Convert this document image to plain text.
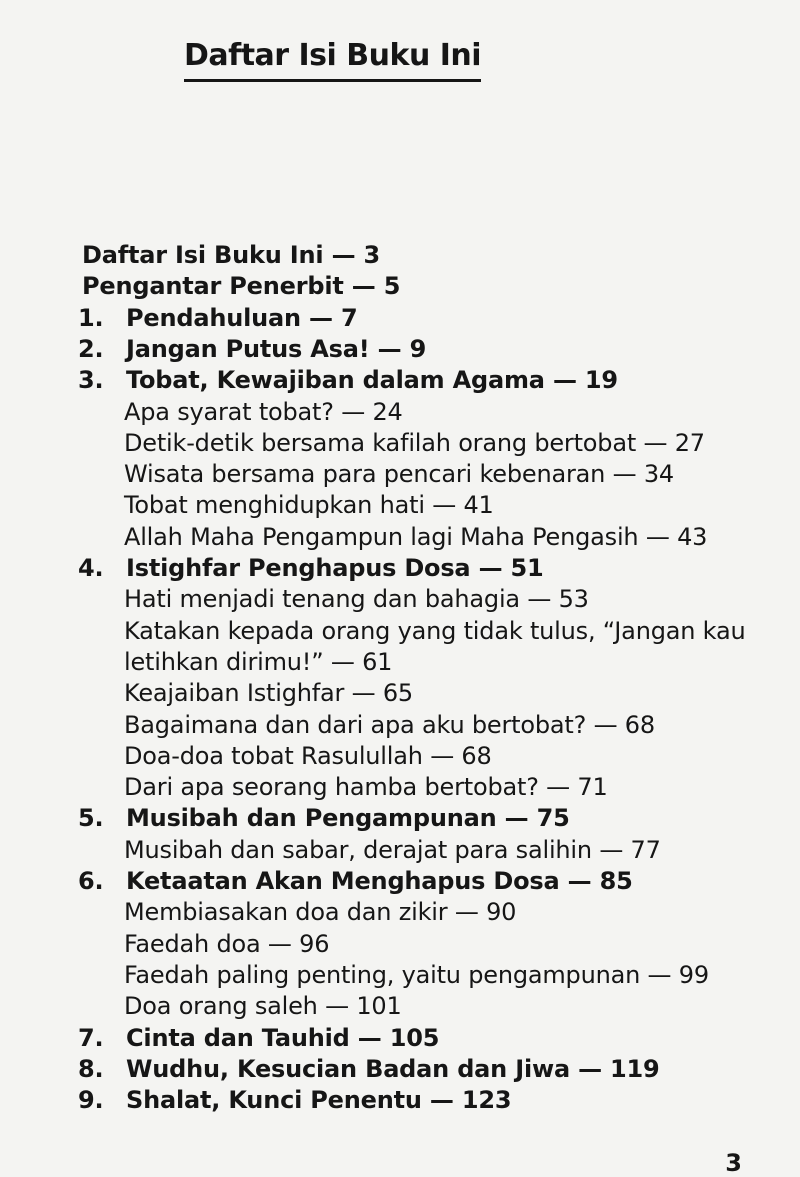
Daftar Isi Buku Ini
Daftar Isi Buku Ini — 3
Pengantar Penerbit — 5
1. Pendahuluan — 7
2. Jangan Putus Asa! — 9
3. Tobat, Kewajiban dalam Agama — 19
Apa syarat tobat? — 24
Detik-detik bersama kafilah orang bertobat — 27
Wisata bersama para pencari kebenaran — 34
Tobat menghidupkan hati — 41
Allah Maha Pengampun lagi Maha Pengasih — 43
4. Istighfar Penghapus Dosa — 51
Hati menjadi tenang dan bahagia — 53
Katakan kepada orang yang tidak tulus, “Jangan kau
letihkan dirimu!” — 61
Keajaiban Istighfar — 65
Bagaimana dan dari apa aku bertobat? — 68
Doa-doa tobat Rasulullah — 68
Dari apa seorang hamba bertobat? — 71
5. Musibah dan Pengampunan — 75
Musibah dan sabar, derajat para salihin — 77
6. Ketaatan Akan Menghapus Dosa — 85
Membiasakan doa dan zikir — 90
Faedah doa — 96
Faedah paling penting, yaitu pengampunan — 99
Doa orang saleh — 101
7. Cinta dan Tauhid — 105
8. Wudhu, Kesucian Badan dan Jiwa — 119
9. Shalat, Kunci Penentu — 123
3
